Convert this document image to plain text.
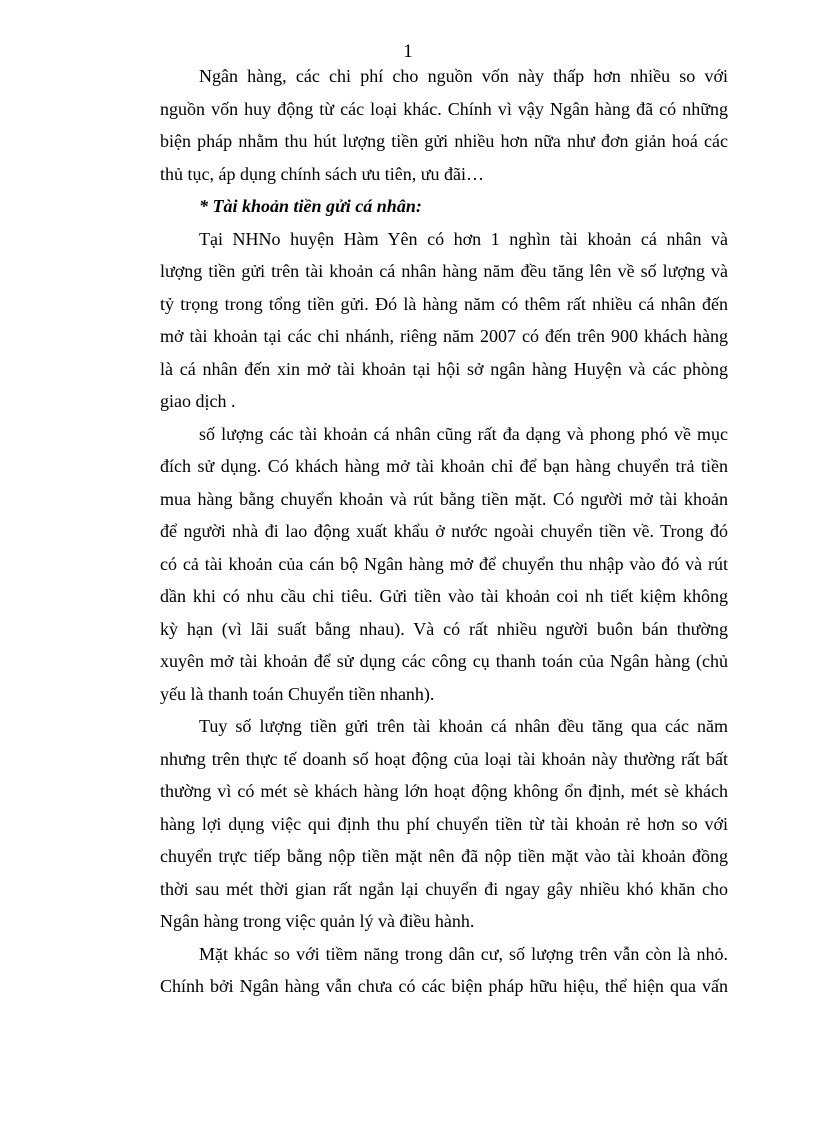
1
Ngân hàng, các chi phí cho nguồn vốn này thấp hơn nhiều so với
nguồn vốn huy động từ các loại khác. Chính vì vậy Ngân hàng đã có những
biện pháp nhằm thu hút lượng tiền gửi nhiều hơn nữa như đơn giản hoá các
thủ tục, áp dụng chính sách ưu tiên, ưu đãi…
* Tài khoản tiền gửi cá nhân:
Tại NHNo huyện Hàm Yên có hơn 1 nghìn tài khoản cá nhân và
lượng tiền gửi trên tài khoản cá nhân hàng năm đều tăng lên về số lượng và
tỷ trọng trong tổng tiền gửi. Đó là hàng năm có thêm rất nhiều cá nhân đến
mở tài khoản tại các chi nhánh, riêng năm 2007 có đến trên 900 khách hàng
là cá nhân đến xin mở tài khoản tại hội sở ngân hàng Huyện và các phòng
giao dịch .
số lượng các tài khoản cá nhân cũng rất đa dạng và phong phó về mục
đích sử dụng. Có khách hàng mở tài khoản chỉ để bạn hàng chuyển trả tiền
mua hàng bằng chuyển khoản và rút bằng tiền mặt. Có người mở tài khoản
để người nhà đi lao động xuất khẩu ở nước ngoài chuyển tiền về. Trong đó
có cả tài khoản của cán bộ Ngân hàng mở để chuyển thu nhập vào đó và rút
dần khi có nhu cầu chi tiêu. Gửi tiền vào tài khoản coi nh tiết kiệm không
kỳ hạn (vì lãi suất bằng nhau). Và có rất nhiều người buôn bán thường
xuyên mở tài khoản để sử dụng các công cụ thanh toán của Ngân hàng (chủ
yếu là thanh toán Chuyển tiền nhanh).
Tuy số lượng tiền gửi trên tài khoản cá nhân đều tăng qua các năm
nhưng trên thực tế doanh số hoạt động của loại tài khoản này thường rất bất
thường vì có mét sè khách hàng lớn hoạt động không ổn định, mét sè khách
hàng lợi dụng việc qui định thu phí chuyển tiền từ tài khoản rẻ hơn so với
chuyển trực tiếp bằng nộp tiền mặt nên đã nộp tiền mặt vào tài khoản đồng
thời sau mét thời gian rất ngắn lại chuyển đi ngay gây nhiều khó khăn cho
Ngân hàng trong việc quản lý và điều hành.
Mặt khác so với tiềm năng trong dân cư, số lượng trên vẫn còn là nhỏ.
Chính bởi Ngân hàng vẫn chưa có các biện pháp hữu hiệu, thể hiện qua vấn
